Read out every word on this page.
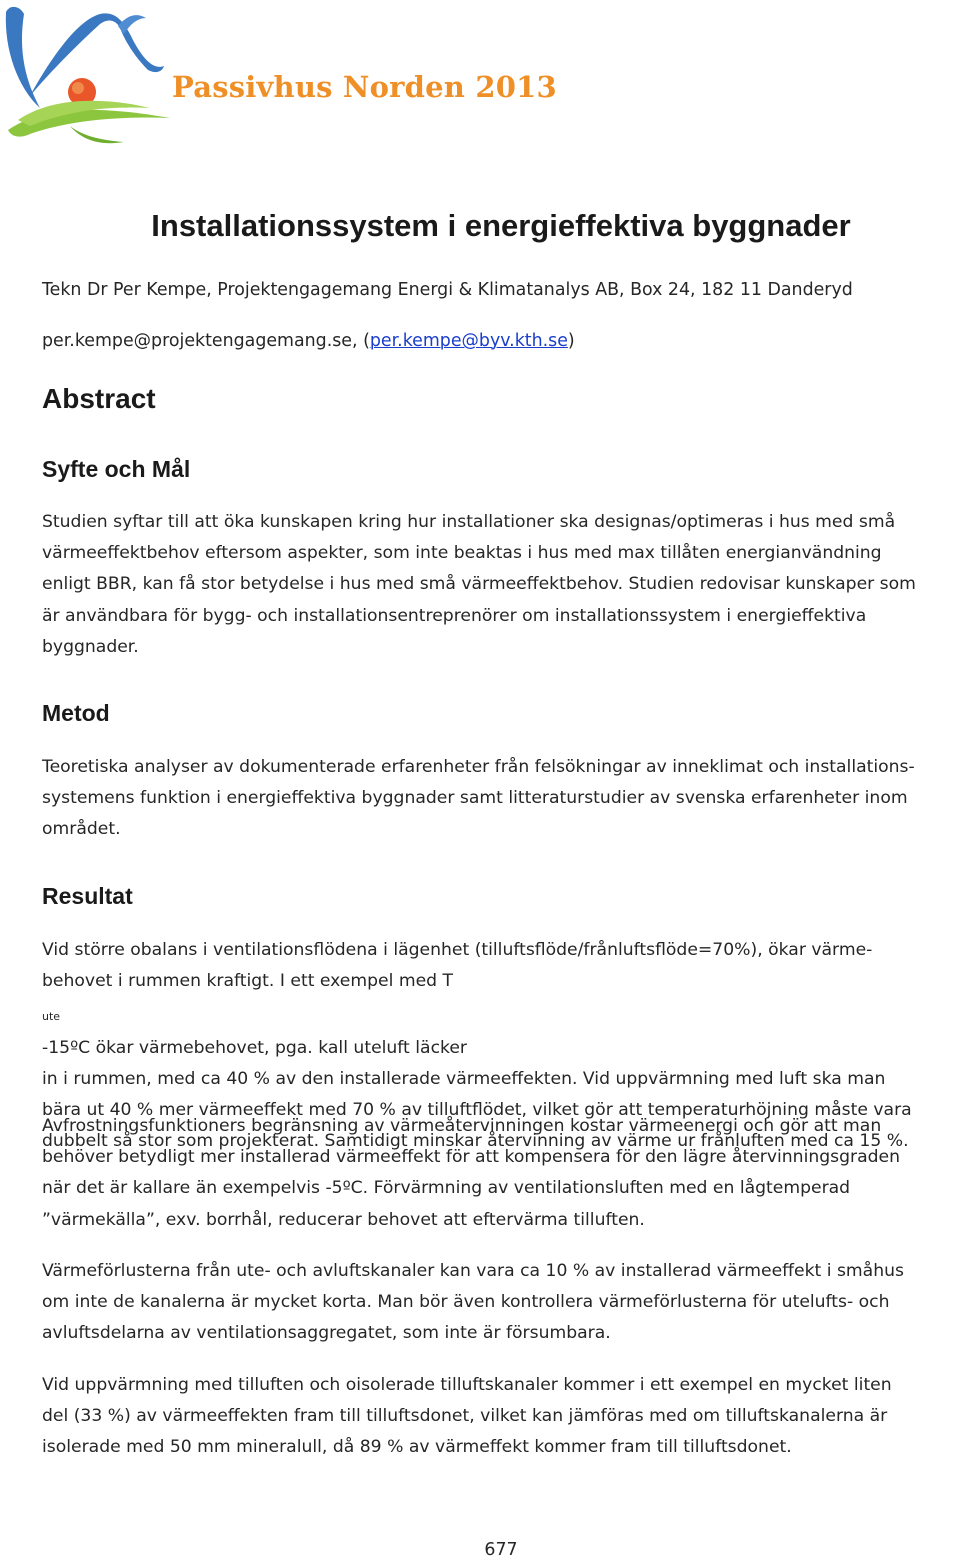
Passivhus Norden 2013

Installationssystem i energieffektiva byggnader

Tekn Dr Per Kempe, Projektengagemang Energi & Klimatanalys AB, Box 24, 182 11 Danderyd

per.kempe@projektengagemang.se, (per.kempe@byv.kth.se)

Abstract
Syfte och Mål
Studien syftar till att öka kunskapen kring hur installationer ska designas/optimeras i hus med små
värmeeffektbehov eftersom aspekter, som inte beaktas i hus med max tillåten energianvändning
enligt BBR, kan få stor betydelse i hus med små värmeeffektbehov. Studien redovisar kunskaper som
är användbara för bygg- och installationsentreprenörer om installationssystem i energieffektiva
byggnader.
Metod
Teoretiska analyser av dokumenterade erfarenheter från felsökningar av inneklimat och installations-
systemens funktion i energieffektiva byggnader samt litteraturstudier av svenska erfarenheter inom
området.
Resultat
Vid större obalans i ventilationsflödena i lägenhet (tilluftsflöde/frånluftsflöde=70%), ökar värme-
behovet i rummen kraftigt. I ett exempel med T
$_{ute}$
-15ºC ökar värmebehovet, pga. kall uteluft läcker
in i rummen, med ca 40 % av den installerade värmeeffekten. Vid uppvärmning med luft ska man
bära ut 40 % mer värmeeffekt med 70 % av tilluftflödet, vilket gör att temperaturhöjning måste vara
dubbelt så stor som projekterat. Samtidigt minskar återvinning av värme ur frånluften med ca 15 %.
Avfrostningsfunktioners begränsning av värmeåtervinningen kostar värmeenergi och gör att man
behöver betydligt mer installerad värmeeffekt för att kompensera för den lägre återvinningsgraden
när det är kallare än exempelvis -5ºC. Förvärmning av ventilationsluften med en lågtemperad
”värmekälla”, exv. borrhål, reducerar behovet att eftervärma tilluften.
Värmeförlusterna från ute- och avluftskanaler kan vara ca 10 % av installerad värmeeffekt i småhus
om inte de kanalerna är mycket korta. Man bör även kontrollera värmeförlusterna för utelufts- och
avluftsdelarna av ventilationsaggregatet, som inte är försumbara.
Vid uppvärmning med tilluften och oisolerade tilluftskanaler kommer i ett exempel en mycket liten
del (33 %) av värmeeffekten fram till tilluftsdonet, vilket kan jämföras med om tilluftskanalerna är
isolerade med 50 mm mineralull, då 89 % av värmeffekt kommer fram till tilluftsdonet.

677
